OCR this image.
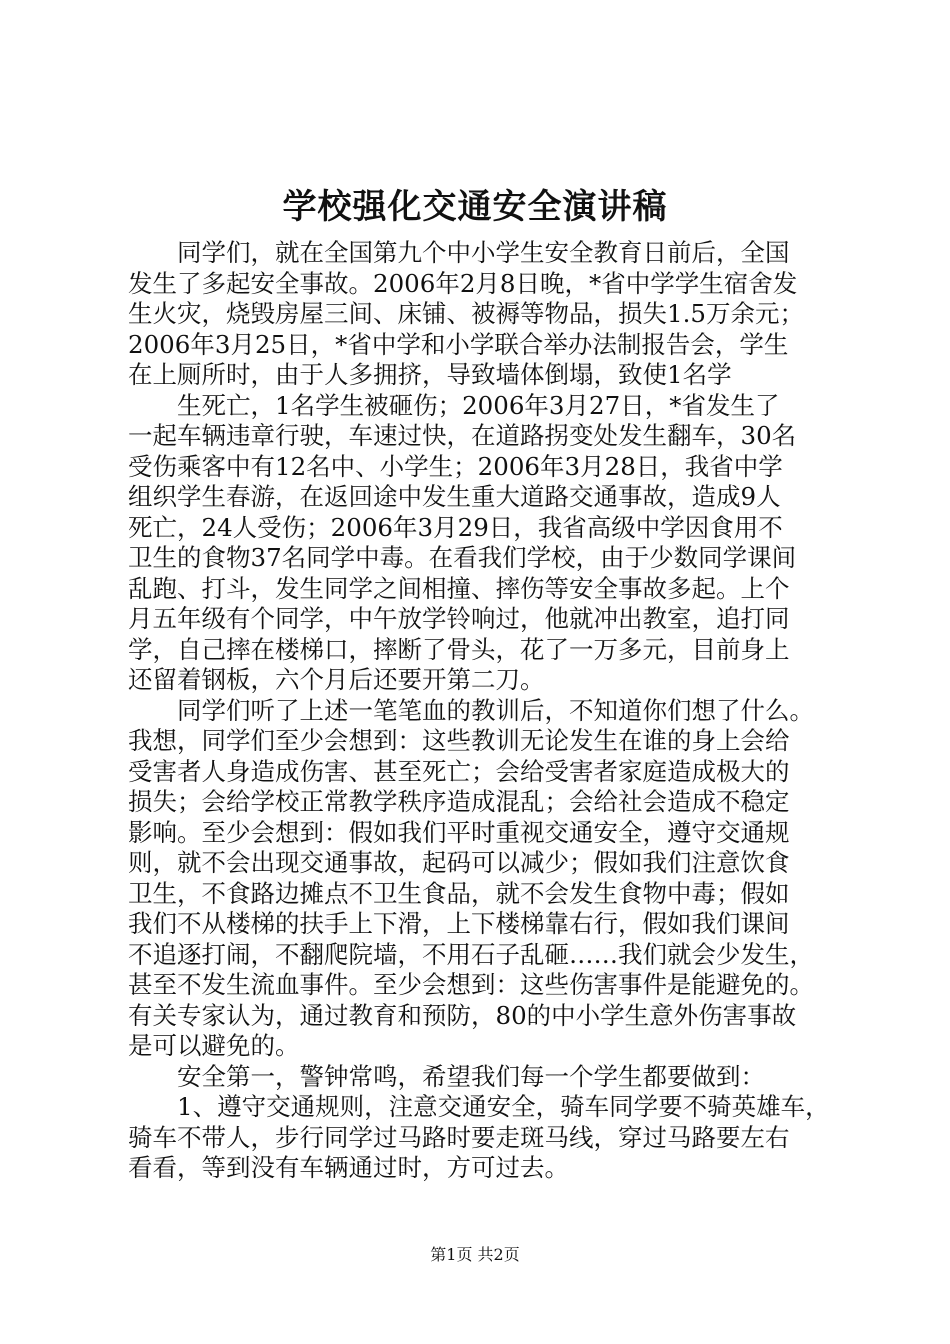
学校强化交通安全演讲稿
　　同学们，就在全国第九个中小学生安全教育日前后，全国
发生了多起安全事故。2006年2月8日晚，*省中学学生宿舍发
生火灾，烧毁房屋三间、床铺、被褥等物品，损失1.5万余元；
2006年3月25日，*省中学和小学联合举办法制报告会，学生
在上厕所时，由于人多拥挤，导致墙体倒塌，致使1名学
　　生死亡，1名学生被砸伤；2006年3月27日，*省发生了
一起车辆违章行驶，车速过快，在道路拐变处发生翻车，30名
受伤乘客中有12名中、小学生；2006年3月28日，我省中学
组织学生春游，在返回途中发生重大道路交通事故，造成9人
死亡，24人受伤；2006年3月29日，我省高级中学因食用不
卫生的食物37名同学中毒。在看我们学校，由于少数同学课间
乱跑、打斗，发生同学之间相撞、摔伤等安全事故多起。上个
月五年级有个同学，中午放学铃响过，他就冲出教室，追打同
学，自己摔在楼梯口，摔断了骨头，花了一万多元，目前身上
还留着钢板，六个月后还要开第二刀。
　　同学们听了上述一笔笔血的教训后，不知道你们想了什么。
我想，同学们至少会想到：这些教训无论发生在谁的身上会给
受害者人身造成伤害、甚至死亡；会给受害者家庭造成极大的
损失；会给学校正常教学秩序造成混乱；会给社会造成不稳定
影响。至少会想到：假如我们平时重视交通安全，遵守交通规
则，就不会出现交通事故，起码可以减少；假如我们注意饮食
卫生，不食路边摊点不卫生食品，就不会发生食物中毒；假如
我们不从楼梯的扶手上下滑，上下楼梯靠右行，假如我们课间
不追逐打闹，不翻爬院墙，不用石子乱砸……我们就会少发生，
甚至不发生流血事件。至少会想到：这些伤害事件是能避免的。
有关专家认为，通过教育和预防，80的中小学生意外伤害事故
是可以避免的。
　　安全第一，警钟常鸣，希望我们每一个学生都要做到：
　　1、遵守交通规则，注意交通安全，骑车同学要不骑英雄车，
骑车不带人，步行同学过马路时要走斑马线，穿过马路要左右
看看，等到没有车辆通过时，方可过去。
第1页 共2页
